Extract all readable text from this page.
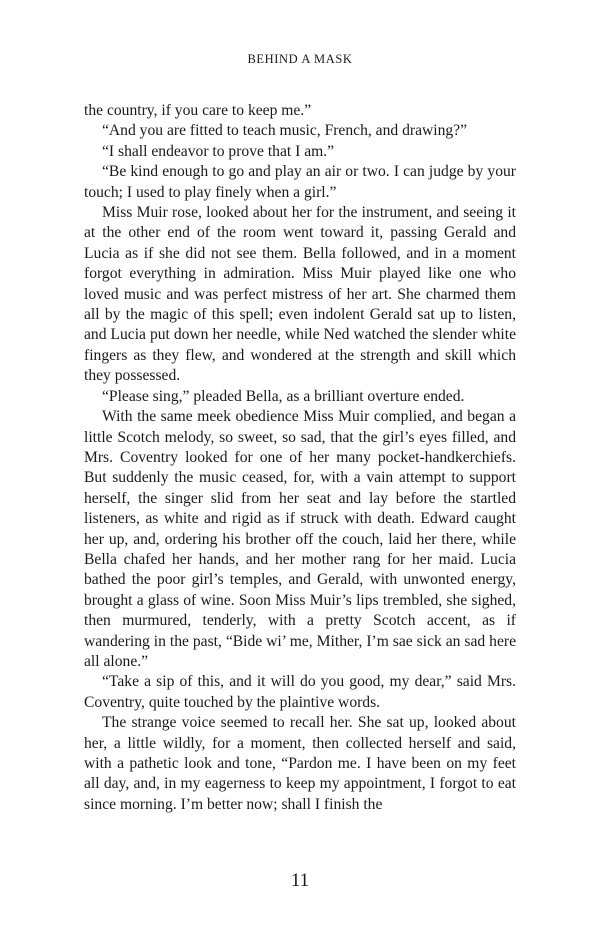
BEHIND A MASK

the country, if you care to keep me.”

“And you are fitted to teach music, French, and drawing?”

“I shall endeavor to prove that I am.”

“Be kind enough to go and play an air or two. I can judge by your touch; I used to play finely when a girl.”

Miss Muir rose, looked about her for the instrument, and seeing it at the other end of the room went toward it, passing Gerald and Lucia as if she did not see them. Bella followed, and in a moment forgot everything in admiration. Miss Muir played like one who loved music and was perfect mistress of her art. She charmed them all by the magic of this spell; even indolent Gerald sat up to listen, and Lucia put down her needle, while Ned watched the slender white fingers as they flew, and wondered at the strength and skill which they possessed.

“Please sing,” pleaded Bella, as a brilliant overture ended.

With the same meek obedience Miss Muir complied, and began a little Scotch melody, so sweet, so sad, that the girl’s eyes filled, and Mrs. Coventry looked for one of her many pocket-handkerchiefs. But suddenly the music ceased, for, with a vain attempt to support herself, the singer slid from her seat and lay before the startled listeners, as white and rigid as if struck with death. Edward caught her up, and, ordering his brother off the couch, laid her there, while Bella chafed her hands, and her mother rang for her maid. Lucia bathed the poor girl’s temples, and Gerald, with unwonted energy, brought a glass of wine. Soon Miss Muir’s lips trembled, she sighed, then murmured, tenderly, with a pretty Scotch accent, as if wandering in the past, “Bide wi’ me, Mither, I’m sae sick an sad here all alone.”

“Take a sip of this, and it will do you good, my dear,” said Mrs. Coventry, quite touched by the plaintive words.

The strange voice seemed to recall her. She sat up, looked about her, a little wildly, for a moment, then collected herself and said, with a pathetic look and tone, “Pardon me. I have been on my feet all day, and, in my eagerness to keep my appointment, I forgot to eat since morning. I’m better now; shall I finish the

11
